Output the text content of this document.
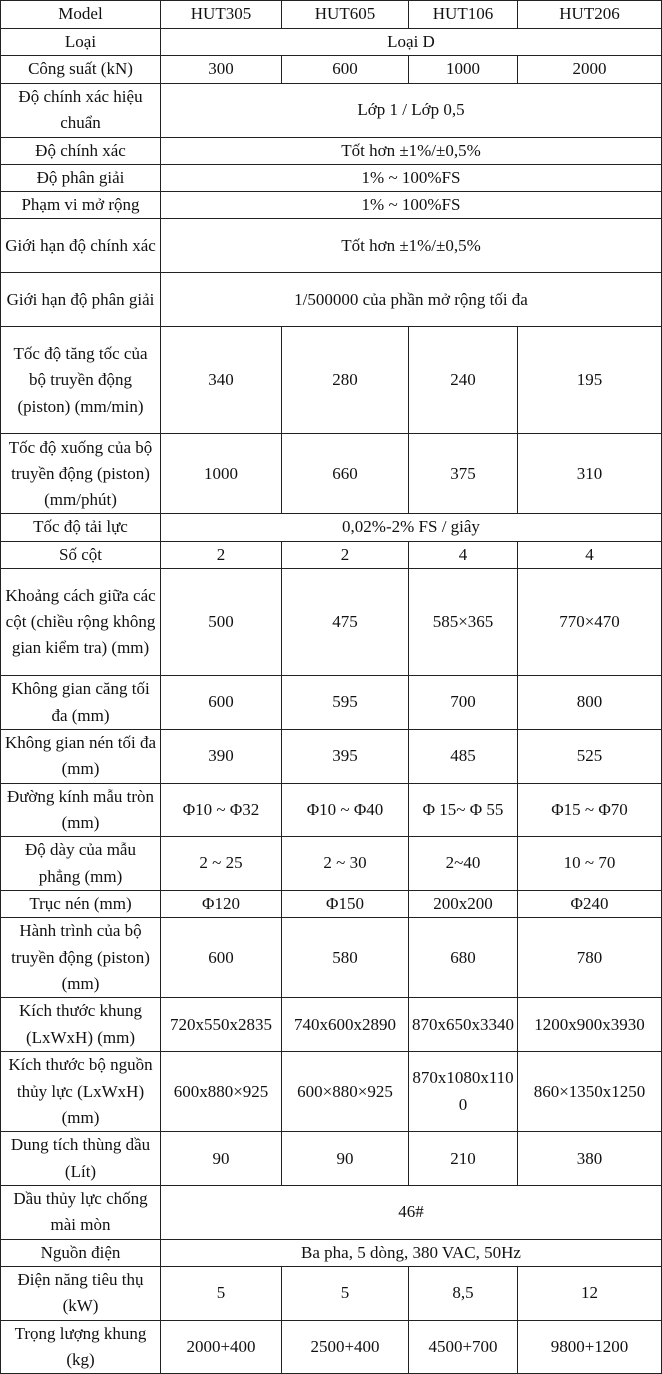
Model	HUT305	HUT605	HUT106	HUT206
Loại	Loại D			
Công suất (kN)	300	600	1000	2000
Độ chính xác hiệu chuẩn	Lớp 1 / Lớp 0,5			
Độ chính xác	Tốt hơn ±1%/±0,5%			
Độ phân giải	1% ~ 100%FS			
Phạm vi mở rộng	1% ~ 100%FS			
Giới hạn độ chính xác	Tốt hơn ±1%/±0,5%			
Giới hạn độ phân giải	1/500000 của phần mở rộng tối đa			
Tốc độ tăng tốc của bộ truyền động (piston) (mm/min)	340	280	240	195
Tốc độ xuống của bộ truyền động (piston) (mm/phút)	1000	660	375	310
Tốc độ tải lực	0,02%-2% FS / giây			
Số cột	2	2	4	4
Khoảng cách giữa các cột (chiều rộng không gian kiểm tra) (mm)	500	475	585×365	770×470
Không gian căng tối đa (mm)	600	595	700	800
Không gian nén tối đa (mm)	390	395	485	525
Đường kính mẫu tròn (mm)	Φ10 ~ Φ32	Φ10 ~ Φ40	Φ 15~ Φ 55	Φ15 ~ Φ70
Độ dày của mẫu phẳng (mm)	2 ~ 25	2 ~ 30	2~40	10 ~ 70
Trục nén (mm)	Φ120	Φ150	200x200	Φ240
Hành trình của bộ truyền động (piston) (mm)	600	580	680	780
Kích thước khung (LxWxH) (mm)	720x550x2835	740x600x2890	870x650x3340	1200x900x3930
Kích thước bộ nguồn thủy lực (LxWxH) (mm)	600x880×925	600×880×925	870x1080x1100	860×1350x1250
Dung tích thùng dầu (Lít)	90	90	210	380
Dầu thủy lực chống mài mòn	46#			
Nguồn điện	Ba pha, 5 dòng, 380 VAC, 50Hz			
Điện năng tiêu thụ (kW)	5	5	8,5	12
Trọng lượng khung (kg)	2000+400	2500+400	4500+700	9800+1200
